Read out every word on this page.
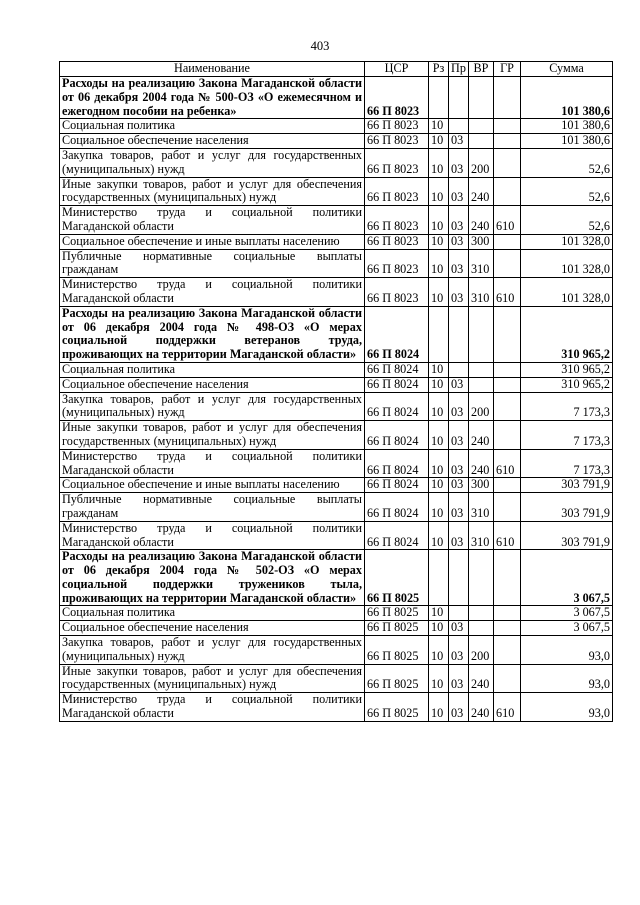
403
Наименование	ЦСР	Рз	Пр	ВР	ГР	Сумма
Расходы на реализацию Закона Магаданской области от 06 декабря 2004 года № 500-ОЗ «О ежемесячном и ежегодном пособии на ребенка»	66 П 8023					101 380,6
Социальная политика	66 П 8023	10				101 380,6
Социальное обеспечение населения	66 П 8023	10	03			101 380,6
Закупка товаров, работ и услуг для государственных (муниципальных) нужд	66 П 8023	10	03	200		52,6
Иные закупки товаров, работ и услуг для обеспечения государственных (муниципальных) нужд	66 П 8023	10	03	240		52,6
Министерство труда и социальной политики Магаданской области	66 П 8023	10	03	240	610	52,6
Социальное обеспечение и иные выплаты населению	66 П 8023	10	03	300		101 328,0
Публичные нормативные социальные выплаты гражданам	66 П 8023	10	03	310		101 328,0
Министерство труда и социальной политики Магаданской области	66 П 8023	10	03	310	610	101 328,0
Расходы на реализацию Закона Магаданской области от 06 декабря 2004 года № 498-ОЗ «О мерах социальной поддержки ветеранов труда, проживающих на территории Магаданской области»	66 П 8024					310 965,2
Социальная политика	66 П 8024	10				310 965,2
Социальное обеспечение населения	66 П 8024	10	03			310 965,2
Закупка товаров, работ и услуг для государственных (муниципальных) нужд	66 П 8024	10	03	200		7 173,3
Иные закупки товаров, работ и услуг для обеспечения государственных (муниципальных) нужд	66 П 8024	10	03	240		7 173,3
Министерство труда и социальной политики Магаданской области	66 П 8024	10	03	240	610	7 173,3
Социальное обеспечение и иные выплаты населению	66 П 8024	10	03	300		303 791,9
Публичные нормативные социальные выплаты гражданам	66 П 8024	10	03	310		303 791,9
Министерство труда и социальной политики Магаданской области	66 П 8024	10	03	310	610	303 791,9
Расходы на реализацию Закона Магаданской области от 06 декабря 2004 года № 502-ОЗ «О мерах социальной поддержки тружеников тыла, проживающих на территории Магаданской области»	66 П 8025					3 067,5
Социальная политика	66 П 8025	10				3 067,5
Социальное обеспечение населения	66 П 8025	10	03			3 067,5
Закупка товаров, работ и услуг для государственных (муниципальных) нужд	66 П 8025	10	03	200		93,0
Иные закупки товаров, работ и услуг для обеспечения государственных (муниципальных) нужд	66 П 8025	10	03	240		93,0
Министерство труда и социальной политики Магаданской области	66 П 8025	10	03	240	610	93,0
